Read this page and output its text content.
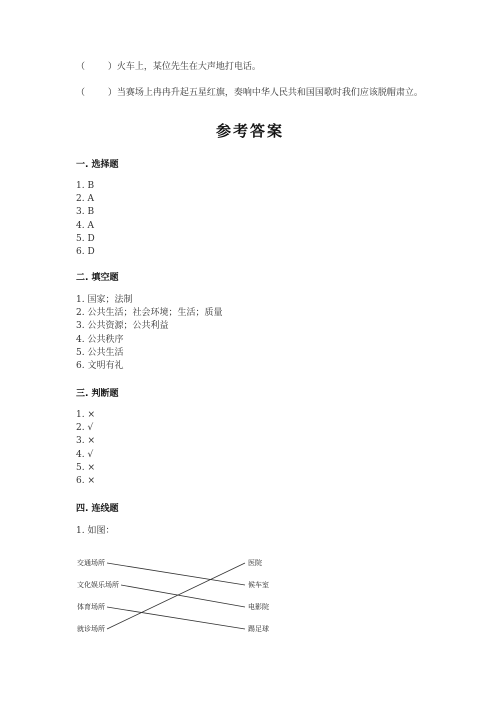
（        ）火车上，某位先生在大声地打电话。

（        ）当赛场上冉冉升起五星红旗，奏响中华人民共和国国歌时我们应该脱帽肃立。

参考答案
一. 选择题
1. B
2. A
3. B
4. A
5. D
6. D
二. 填空题
1. 国家；法制
2. 公共生活；社会环境；生活；质量
3. 公共资源；公共利益
4. 公共秩序
5. 公共生活
6. 文明有礼
三. 判断题
1. ×
2. √
3. ×
4. √
5. ×
6. ×
四. 连线题
1. 如图：
交通场所
文化娱乐场所
体育场所
就诊场所
医院
候车室
电影院
踢足球
